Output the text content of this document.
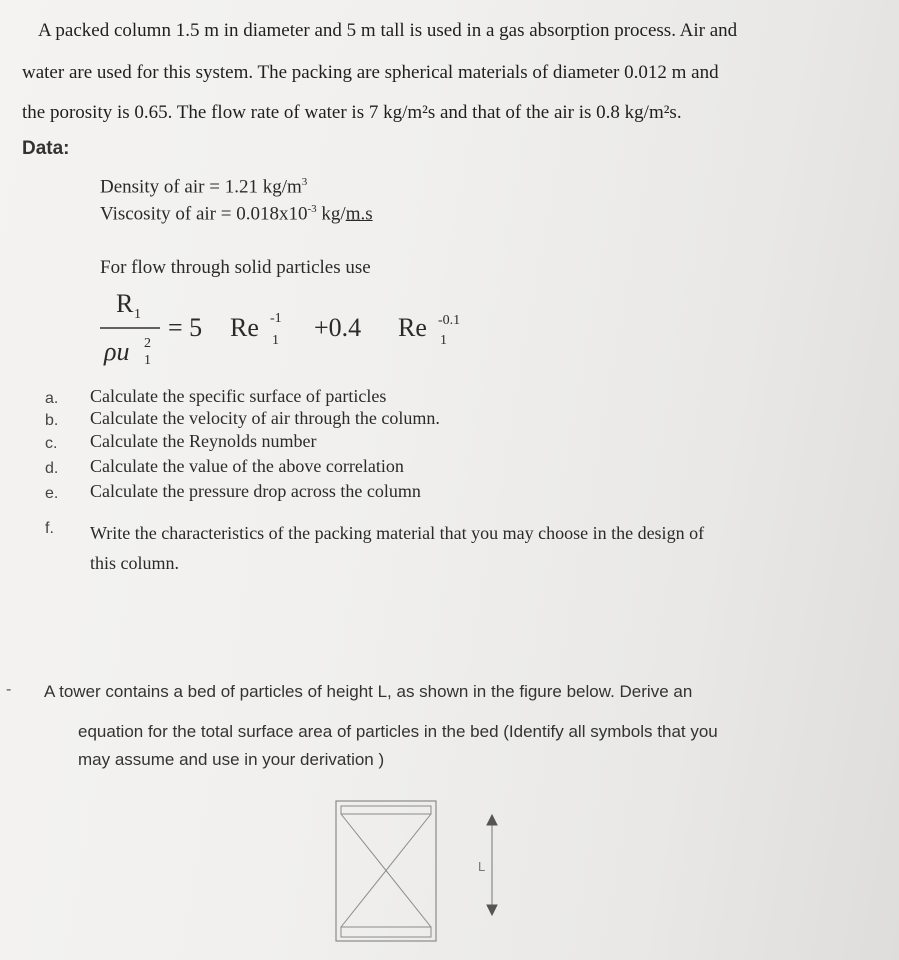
A packed column 1.5 m in diameter and 5 m tall is used in a gas absorption process. Air and
water are used for this system. The packing are spherical materials of diameter 0.012 m and
the porosity is 0.65. The flow rate of water is 7 kg/m²s and that of the air is 0.8 kg/m²s.
Data:
Density of air = 1.21 $kg/m^3$
Viscosity of air = $0.018x10^{-3}$ kg/m.s
For flow through solid particles use
R 1
ρu 2
1
= 5 Re -1
1 +0.4 Re -0.1
1
a. Calculate the specific surface of particles
b. Calculate the velocity of air through the column.
c. Calculate the Reynolds number
d. Calculate the value of the above correlation
e. Calculate the pressure drop across the column
f. Write the characteristics of the packing material that you may choose in the design of
this column.
- A tower contains a bed of particles of height L, as shown in the figure below. Derive an
equation for the total surface area of particles in the bed (Identify all symbols that you
may assume and use in your derivation )
L
